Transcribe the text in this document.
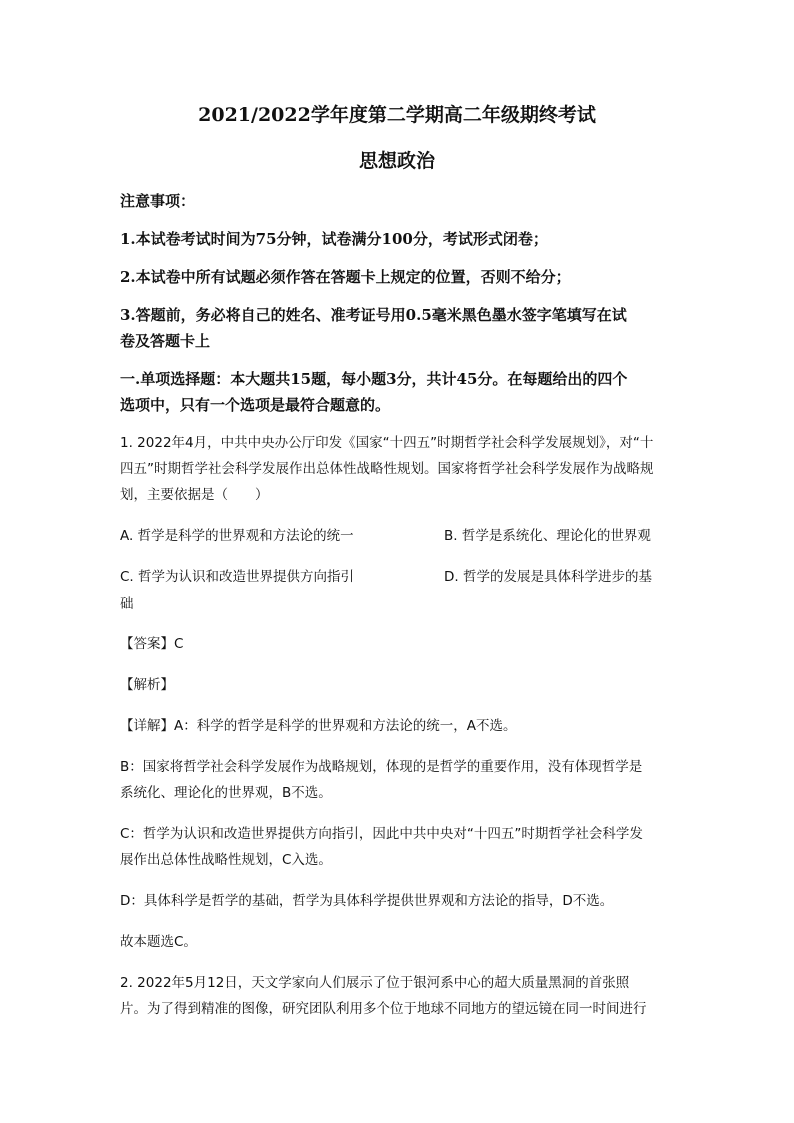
2021/2022学年度第二学期高二年级期终考试
思想政治
注意事项：
1.本试卷考试时间为75分钟，试卷满分100分，考试形式闭卷；
2.本试卷中所有试题必须作答在答题卡上规定的位置，否则不给分；
3.答题前，务必将自己的姓名、准考证号用0.5毫米黑色墨水签字笔填写在试
卷及答题卡上
一.单项选择题：本大题共15题，每小题3分，共计45分。在每题给出的四个
选项中，只有一个选项是最符合题意的。
1. 2022年4月，中共中央办公厅印发《国家“十四五”时期哲学社会科学发展规划》，对“十
四五”时期哲学社会科学发展作出总体性战略性规划。国家将哲学社会科学发展作为战略规
划，主要依据是（　　）
A. 哲学是科学的世界观和方法论的统一	B. 哲学是系统化、理论化的世界观
C. 哲学为认识和改造世界提供方向指引	D. 哲学的发展是具体科学进步的基
础
【答案】C
【解析】
【详解】A：科学的哲学是科学的世界观和方法论的统一，A不选。
B：国家将哲学社会科学发展作为战略规划，体现的是哲学的重要作用，没有体现哲学是
系统化、理论化的世界观，B不选。
C：哲学为认识和改造世界提供方向指引，因此中共中央对“十四五”时期哲学社会科学发
展作出总体性战略性规划，C入选。
D：具体科学是哲学的基础，哲学为具体科学提供世界观和方法论的指导，D不选。
故本题选C。
2. 2022年5月12日，天文学家向人们展示了位于银河系中心的超大质量黑洞的首张照
片。为了得到精准的图像，研究团队利用多个位于地球不同地方的望远镜在同一时间进行
